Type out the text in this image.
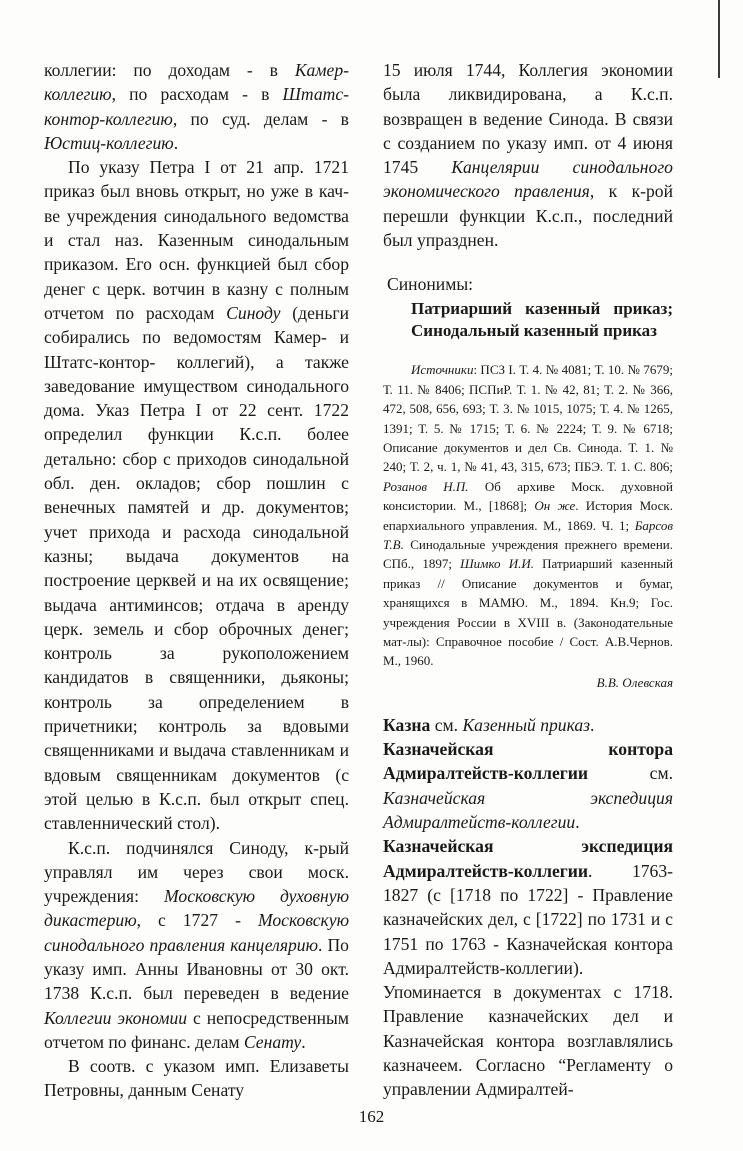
коллегии: по доходам - в Камер-коллегию, по расходам - в Штатс-контор-коллегию, по суд. делам - в Юстиц-коллегию.

По указу Петра I от 21 апр. 1721 приказ был вновь открыт, но уже в кач-ве учреждения синодального ведомства и стал наз. Казенным синодальным приказом. Его осн. функцией был сбор денег с церк. вотчин в казну с полным отчетом по расходам Синоду (деньги собирались по ведомостям Камер- и Штатс-контор- коллегий), а также заведование имуществом синодального дома. Указ Петра I от 22 сент. 1722 определил функции К.с.п. более детально: сбор с приходов синодальной обл. ден. окладов; сбор пошлин с венечных памятей и др. документов; учет прихода и расхода синодальной казны; выдача документов на построение церквей и на их освящение; выдача антиминсов; отдача в аренду церк. земель и сбор оброчных денег; контроль за рукоположением кандидатов в священники, дьяконы; контроль за определением в причетники; контроль за вдовыми священниками и выдача ставленникам и вдовым священникам документов (с этой целью в К.с.п. был открыт спец. ставленнический стол).

К.с.п. подчинялся Синоду, к-рый управлял им через свои моск. учреждения: Московскую духовную дикастерию, с 1727 - Московскую синодального правления канцелярию. По указу имп. Анны Ивановны от 30 окт. 1738 К.с.п. был переведен в ведение Коллегии экономии с непосредственным отчетом по финанс. делам Сенату.

В соотв. с указом имп. Елизаветы Петровны, данным Сенату

15 июля 1744, Коллегия экономии была ликвидирована, а К.с.п. возвращен в ведение Синода. В связи с созданием по указу имп. от 4 июня 1745 Канцелярии синодального экономического правления, к к-рой перешли функции К.с.п., последний был упразднен.

Синонимы:

Патриарший казенный приказ; Синодальный казенный приказ

Источники: ПСЗ I. Т. 4. № 4081; Т. 10. № 7679; Т. 11. № 8406; ПСПиР. Т. 1. № 42, 81; Т. 2. № 366, 472, 508, 656, 693; Т. 3. № 1015, 1075; Т. 4. № 1265, 1391; Т. 5. № 1715; Т. 6. № 2224; Т. 9. № 6718; Описание документов и дел Св. Синода. Т. 1. № 240; Т. 2, ч. 1, № 41, 43, 315, 673; ПБЭ. Т. 1. С. 806; Розанов Н.П. Об архиве Моск. духовной консистории. М., [1868]; Он же. История Моск. епархиального управления. М., 1869. Ч. 1; Барсов Т.В. Синодальные учреждения прежнего времени. СПб., 1897; Шимко И.И. Патриарший казенный приказ // Описание документов и бумаг, хранящихся в МАМЮ. М., 1894. Кн.9; Гос. учреждения России в XVIII в. (Законодательные мат-лы): Справочное пособие / Сост. А.В.Чернов. М., 1960.

В.В. Олевская

Казна см. Казенный приказ.

Казначейская контора Адмиралтейств-коллегии см. Казначейская экспедиция Адмиралтейств-коллегии.

Казначейская экспедиция Адмиралтейств-коллегии. 1763-1827 (с [1718 по 1722] - Правление казначейских дел, с [1722] по 1731 и с 1751 по 1763 - Казначейская контора Адмиралтейств-коллегии). Упоминается в документах с 1718. Правление казначейских дел и Казначейская контора возглавлялись казначеем. Согласно “Регламенту о управлении Адмиралтей-

162
